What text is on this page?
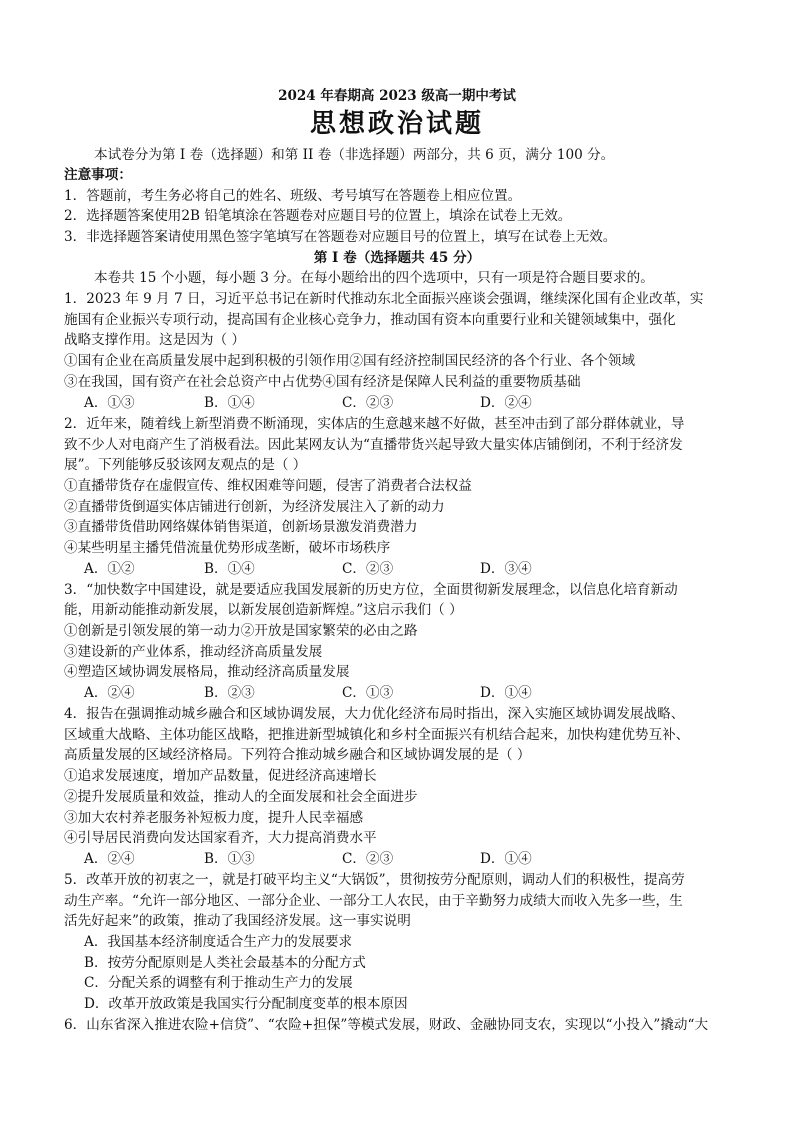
2024 年春期高 2023 级高一期中考试
思想政治试题
本试卷分为第 I 卷（选择题）和第 II 卷（非选择题）两部分，共 6 页，满分 100 分。
注意事项：
1．答题前，考生务必将自己的姓名、班级、考号填写在答题卷上相应位置。
2．选择题答案使用2B 铅笔填涂在答题卷对应题目号的位置上，填涂在试卷上无效。
3．非选择题答案请使用黑色签字笔填写在答题卷对应题目号的位置上，填写在试卷上无效。
第 I 卷（选择题共 45 分）
本卷共 15 个小题，每小题 3 分。在每小题给出的四个选项中，只有一项是符合题目要求的。
1．2023 年 9 月 7 日，习近平总书记在新时代推动东北全面振兴座谈会强调，继续深化国有企业改革，实
施国有企业振兴专项行动，提高国有企业核心竞争力，推动国有资本向重要行业和关键领域集中，强化
战略支撑作用。这是因为（ ）
①国有企业在高质量发展中起到积极的引领作用②国有经济控制国民经济的各个行业、各个领域
③在我国，国有资产在社会总资产中占优势④国有经济是保障人民利益的重要物质基础
A．①③	B．①④	C．②③	D．②④
2．近年来，随着线上新型消费不断涌现，实体店的生意越来越不好做，甚至冲击到了部分群体就业，导
致不少人对电商产生了消极看法。因此某网友认为“直播带货兴起导致大量实体店铺倒闭，不利于经济发
展”。下列能够反驳该网友观点的是（ ）
①直播带货存在虚假宣传、维权困难等问题，侵害了消费者合法权益
②直播带货倒逼实体店铺进行创新，为经济发展注入了新的动力
③直播带货借助网络媒体销售渠道，创新场景激发消费潜力
④某些明星主播凭借流量优势形成垄断，破坏市场秩序
A．①②	B．①④	C．②③	D．③④
3．“加快数字中国建设，就是要适应我国发展新的历史方位，全面贯彻新发展理念，以信息化培育新动
能，用新动能推动新发展，以新发展创造新辉煌。”这启示我们（ ）
①创新是引领发展的第一动力②开放是国家繁荣的必由之路
③建设新的产业体系，推动经济高质量发展
④塑造区域协调发展格局，推动经济高质量发展
A．②④	B．②③	C．①③	D．①④
4．报告在强调推动城乡融合和区域协调发展，大力优化经济布局时指出，深入实施区域协调发展战略、
区域重大战略、主体功能区战略，把推进新型城镇化和乡村全面振兴有机结合起来，加快构建优势互补、
高质量发展的区域经济格局。下列符合推动城乡融合和区域协调发展的是（ ）
①追求发展速度，增加产品数量，促进经济高速增长
②提升发展质量和效益，推动人的全面发展和社会全面进步
③加大农村养老服务补短板力度，提升人民幸福感
④引导居民消费向发达国家看齐，大力提高消费水平
A．②④	B．①③	C．②③	D．①④
5．改革开放的初衷之一，就是打破平均主义“大锅饭”，贯彻按劳分配原则，调动人们的积极性，提高劳
动生产率。“允许一部分地区、一部分企业、一部分工人农民，由于辛勤努力成绩大而收入先多一些，生
活先好起来”的政策，推动了我国经济发展。这一事实说明
A．我国基本经济制度适合生产力的发展要求
B．按劳分配原则是人类社会最基本的分配方式
C．分配关系的调整有利于推动生产力的发展
D．改革开放政策是我国实行分配制度变革的根本原因
6．山东省深入推进农险+信贷”、“农险+担保”等模式发展，财政、金融协同支农，实现以“小投入”撬动“大
